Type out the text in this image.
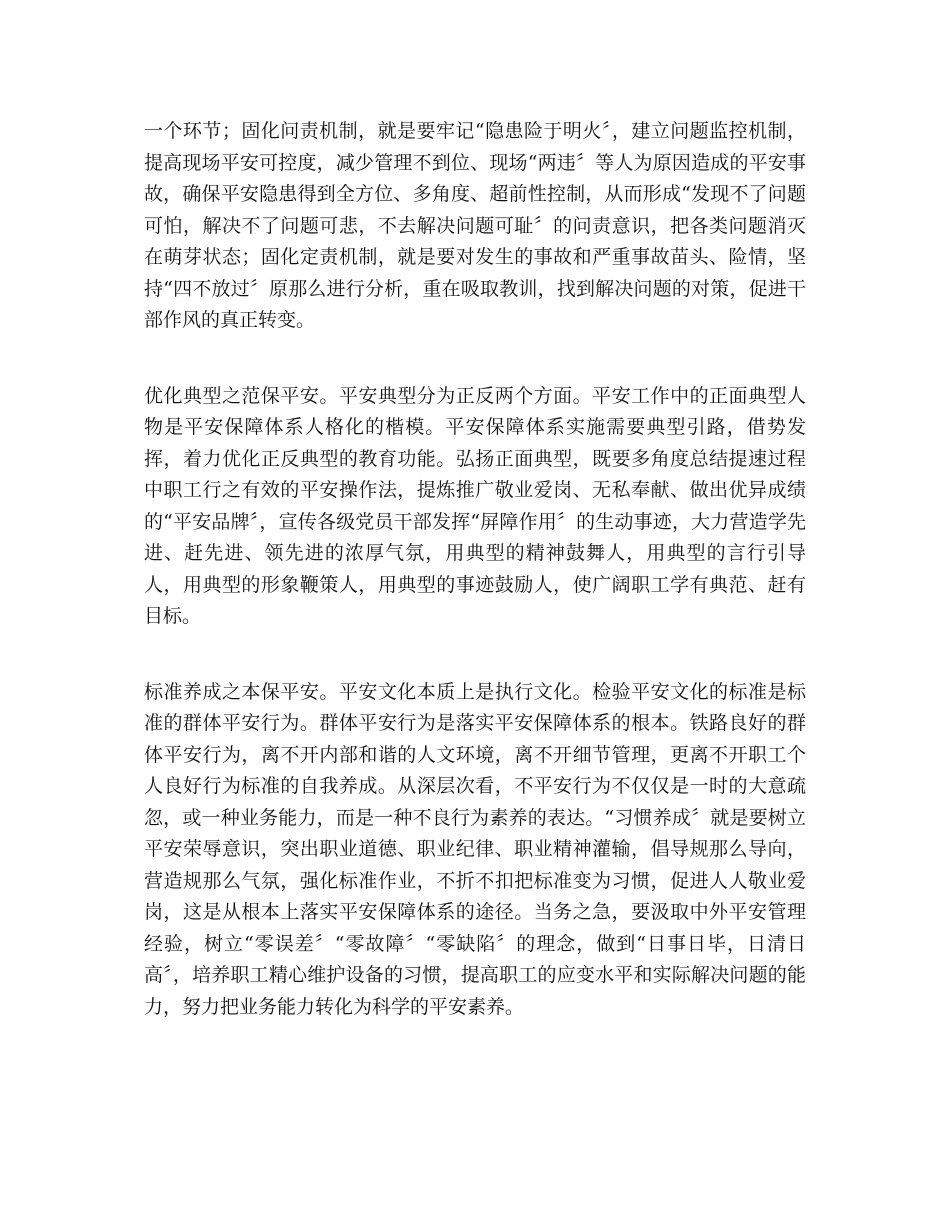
一个环节；固化问责机制，就是要牢记“隐患险于明火〞，建立问题监控机制，提高现场平安可控度，减少管理不到位、现场“两违〞等人为原因造成的平安事故，确保平安隐患得到全方位、多角度、超前性控制，从而形成“发现不了问题可怕，解决不了问题可悲，不去解决问题可耻〞的问责意识，把各类问题消灭在萌芽状态；固化定责机制，就是要对发生的事故和严重事故苗头、险情，坚持“四不放过〞原那么进行分析，重在吸取教训，找到解决问题的对策，促进干部作风的真正转变。

优化典型之范保平安。平安典型分为正反两个方面。平安工作中的正面典型人物是平安保障体系人格化的楷模。平安保障体系实施需要典型引路，借势发挥，着力优化正反典型的教育功能。弘扬正面典型，既要多角度总结提速过程中职工行之有效的平安操作法，提炼推广敬业爱岗、无私奉献、做出优异成绩的“平安品牌〞，宣传各级党员干部发挥“屏障作用〞的生动事迹，大力营造学先进、赶先进、领先进的浓厚气氛，用典型的精神鼓舞人，用典型的言行引导人，用典型的形象鞭策人，用典型的事迹鼓励人，使广阔职工学有典范、赶有目标。

标准养成之本保平安。平安文化本质上是执行文化。检验平安文化的标准是标准的群体平安行为。群体平安行为是落实平安保障体系的根本。铁路良好的群体平安行为，离不开内部和谐的人文环境，离不开细节管理，更离不开职工个人良好行为标准的自我养成。从深层次看，不平安行为不仅仅是一时的大意疏忽，或一种业务能力，而是一种不良行为素养的表达。“习惯养成〞就是要树立平安荣辱意识，突出职业道德、职业纪律、职业精神灌输，倡导规那么导向，营造规那么气氛，强化标准作业，不折不扣把标准变为习惯，促进人人敬业爱岗，这是从根本上落实平安保障体系的途径。当务之急，要汲取中外平安管理经验，树立“零误差〞“零故障〞“零缺陷〞的理念，做到“日事日毕，日清日高〞，培养职工精心维护设备的习惯，提高职工的应变水平和实际解决问题的能力，努力把业务能力转化为科学的平安素养。
